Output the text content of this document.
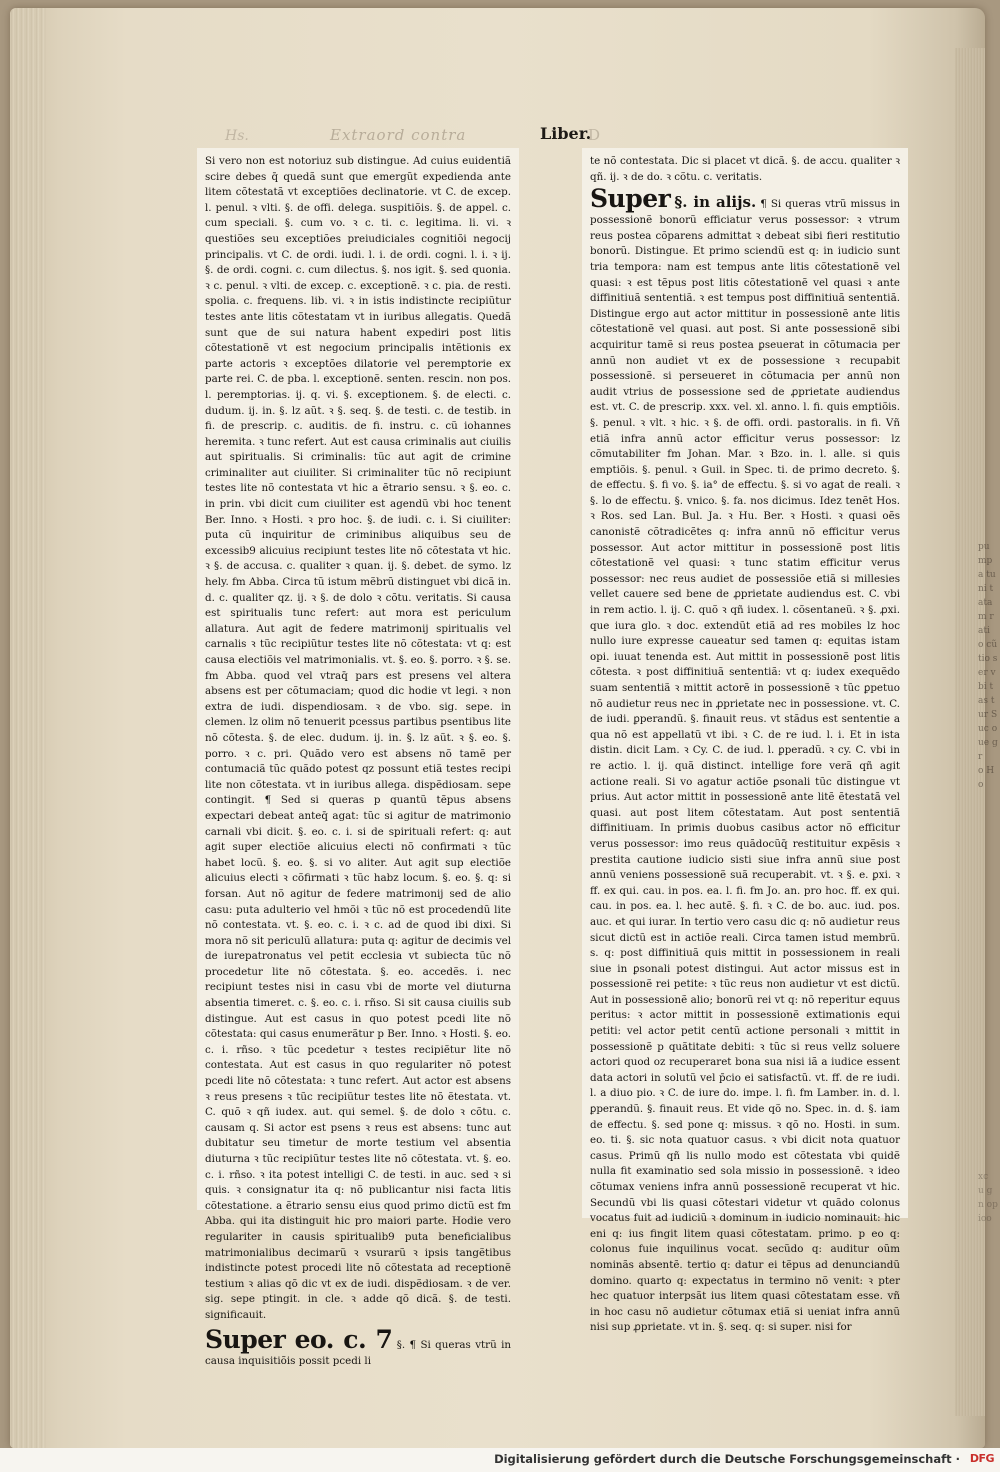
Hs.	Extraord contra	Liber.
D

Si vero non est notoriuz sub distingue. Ad cuius euidentiã scire debes q̄ quedã sunt que emergũt expedienda ante litem cõtestatã vt exceptiões declinatorie. vt C. de excep. l. penul. ꝛ vlti. §. de offi. delega. suspitiõis. §. de appel. c. cum speciali. §. cum vo. ꝛ c. ti. c. legitima. li. vi. ꝛ questiões seu exceptiões preiudiciales cognitiõi negocij principalis. vt C. de ordi. iudi. l. i. de ordi. cogni. l. i. ꝛ ij. §. de ordi. cogni. c. cum dilectus. §. nos igit. §. sed quonia. ꝛ c. penul. ꝛ vlti. de excep. c. exceptionẽ. ꝛ c. pia. de resti. spolia. c. frequens. lib. vi. ꝛ in istis indistincte recipiũtur testes ante litis cõtestatam vt in iuribus allegatis. Quedã sunt que de sui natura habent expediri post litis cõtestationẽ vt est negocium principalis intẽtionis ex parte actoris ꝛ exceptões dilatorie vel peremptorie ex parte rei. C. de pba. l. exceptionẽ. senten. rescin. non pos. l. peremptorias. ij. q. vi. §. exceptionem. §. de electi. c. dudum. ij. in. §. lz aũt. ꝛ §. seq. §. de testi. c. de testib. in fi. de prescrip. c. auditis. de fi. instru. c. cũ iohannes heremita. ꝛ tunc refert. Aut est causa criminalis aut ciuilis aut spiritualis. Si criminalis: tũc aut agit de crimine criminaliter aut ciuiliter. Si criminaliter tũc nõ recipiunt testes lite nõ contestata vt hic a ẽtrario sensu. ꝛ §. eo. c. in prin. vbi dicit cum ciuiliter est agendũ vbi hoc tenent Ber. Inno. ꝛ Hosti. ꝛ pro hoc. §. de iudi. c. i. Si ciuiliter: puta cũ inquiritur de criminibus aliquibus seu de excessib9 alicuius recipiunt testes lite nõ cõtestata vt hic. ꝛ §. de accusa. c. qualiter ꝛ quan. ij. §. debet. de symo. lz hely. fm Abba. Circa tũ istum mẽbrũ distinguet vbi dicã in. d. c. qualiter qz. ij. ꝛ §. de dolo ꝛ cõtu. veritatis. Si causa est spiritualis tunc refert: aut mora est periculum allatura. Aut agit de federe matrimonij spiritualis vel carnalis ꝛ tũc recipiũtur testes lite nõ cõtestata: vt q: est causa electiõis vel matrimonialis. vt. §. eo. §. porro. ꝛ §. se. fm Abba. quod vel vtraq̄ pars est presens vel altera absens est per cõtumaciam; quod dic hodie vt legi. ꝛ non extra de iudi. dispendiosam. ꝛ de vbo. sig. sepe. in clemen. lz olim nõ tenuerit pcessus partibus psentibus lite nõ cõtesta. §. de elec. dudum. ij. in. §. lz aũt. ꝛ §. eo. §. porro. ꝛ c. pri. Quãdo vero est absens nõ tamẽ per contumaciã tũc quãdo potest qz possunt etiã testes recipi lite non cõtestata. vt in iuribus allega. dispẽdiosam. sepe contingit. ¶ Sed si queras p quantũ tẽpus absens expectari debeat anteq̄ agat: tũc si agitur de matrimonio carnali vbi dicit. §. eo. c. i. si de spirituali refert: q: aut agit super electiõe alicuius electi nõ confirmati ꝛ tũc habet locũ. §. eo. §. si vo aliter. Aut agit sup electiõe alicuius electi ꝛ cõfirmati ꝛ tũc habz locum. §. eo. §. q: si forsan. Aut nõ agitur de federe matrimonij sed de alio casu: puta adulterio vel hmõi ꝛ tũc nõ est procedendũ lite nõ contestata. vt. §. eo. c. i. ꝛ c. ad de quod ibi dixi. Si mora nõ sit periculũ allatura: puta q: agitur de decimis vel de iurepatronatus vel petit ecclesia vt subiecta tũc nõ procedetur lite nõ cõtestata. §. eo. accedẽs. i. nec recipiunt testes nisi in casu vbi de morte vel diuturna absentia timeret. c. §. eo. c. i. rñso. Si sit causa ciuilis sub distingue. Aut est casus in quo potest pcedi lite nõ cõtestata: qui casus enumerãtur p Ber. Inno. ꝛ Hosti. §. eo. c. i. rñso. ꝛ tũc pcedetur ꝛ testes recipiẽtur lite nõ contestata. Aut est casus in quo regulariter nõ potest pcedi lite nõ cõtestata: ꝛ tunc refert. Aut actor est absens ꝛ reus presens ꝛ tũc recipiũtur testes lite nõ ẽtestata. vt. C. quõ ꝛ qñ iudex. aut. qui semel. §. de dolo ꝛ cõtu. c. causam q. Si actor est psens ꝛ reus est absens: tunc aut dubitatur seu timetur de morte testium vel absentia diuturna ꝛ tũc recipiũtur testes lite nõ cõtestata. vt. §. eo. c. i. rñso. ꝛ ita potest intelligi C. de testi. in auc. sed ꝛ si quis. ꝛ consignatur ita q: nõ publicantur nisi facta litis cõtestatione. a ẽtrario sensu eius quod primo dictũ est fm Abba. qui ita distinguit hic pro maiori parte. Hodie vero regulariter in causis spiritualib9 puta beneficialibus matrimonialibus decimarũ ꝛ vsurarũ ꝛ ipsis tangẽtibus indistincte potest procedi lite nõ cõtestata ad receptionẽ testium ꝛ alias qõ dic vt ex de iudi. dispẽdiosam. ꝛ de ver. sig. sepe ptingit. in cle. ꝛ adde qõ dicã. §. de testi. significauit.

Super eo. c. 7 §. ¶ Si queras vtrũ in causa inquisitiõis possit pcedi li

te nõ contestata. Dic si placet vt dicã. §. de accu. qualiter ꝛ qñ. ij. ꝛ de do. ꝛ cõtu. c. veritatis.

Super §. in alijs. ¶ Si queras vtrũ missus in possessionẽ bonorũ efficiatur verus possessor: ꝛ vtrum reus postea cõparens admittat ꝛ debeat sibi fieri restitutio bonorũ. Distingue. Et primo sciendũ est q: in iudicio sunt tria tempora: nam est tempus ante litis cõtestationẽ vel quasi: ꝛ est tẽpus post litis cõtestationẽ vel quasi ꝛ ante diffinitiuã sententiã. ꝛ est tempus post diffinitiuã sententiã. Distingue ergo aut actor mittitur in possessionẽ ante litis cõtestationẽ vel quasi. aut post. Si ante possessionẽ sibi acquiritur tamẽ si reus postea ꝑseuerat in cõtumacia per annũ non audiet vt ex de possessione ꝛ recupabit possessionẽ. si perseueret in cõtumacia per annũ non audit vtrius de possessione sed de ꝓprietate audiendus est. vt. C. de prescrip. xxx. vel. xl. anno. l. fi. quis emptiõis. §. penul. ꝛ vlt. ꝛ hic. ꝛ §. de offi. ordi. pastoralis. in fi. Vñ etiã infra annũ actor efficitur verus possessor: lz cõmutabiliter fm Johan. Mar. ꝛ Bzo. in. l. alle. si quis emptiõis. §. penul. ꝛ Guil. in Spec. ti. de primo decreto. §. de effectu. §. fi vo. §. ia° de effectu. §. si vo agat de reali. ꝛ §. lo de effectu. §. vnico. §. fa. nos dicimus. Idez tenẽt Hos. ꝛ Ros. sed Lan. Bul. Ja. ꝛ Hu. Ber. ꝛ Hosti. ꝛ quasi oẽs canonistẽ cõtradicẽtes q: infra annũ nõ efficitur verus possessor. Aut actor mittitur in possessionẽ post litis cõtestationẽ vel quasi: ꝛ tunc statim efficitur verus possessor: nec reus audiet de possessiõe etiã si millesies vellet cauere sed bene de ꝓprietate audiendus est. C. vbi in rem actio. l. ij. C. quõ ꝛ qñ iudex. l. cõsentaneũ. ꝛ §. ꝓxi. que iura glo. ꝛ doc. extendũt etiã ad res mobiles lz hoc nullo iure expresse caueatur sed tamen q: equitas istam opi. iuuat tenenda est. Aut mittit in possessionẽ post litis cõtesta. ꝛ post diffinitiuã sententiã: vt q: iudex exequẽdo suam sententiã ꝛ mittit actorẽ in possessionẽ ꝛ tũc ꝑpetuo nõ audietur reus nec in ꝓprietate nec in possessione. vt. C. de iudi. ꝑperandũ. §. finauit reus. vt stãdus est sententie a qua nõ est appellatũ vt ibi. ꝛ C. de re iud. l. i. Et in ista distin. dicit Lam. ꝛ Cy. C. de iud. l. ꝑperadũ. ꝛ cy. C. vbi in re actio. l. ij. quã distinct. intellige fore verã qñ agit actione reali. Si vo agatur actiõe ꝑsonali tũc distingue vt prius. Aut actor mittit in possessionẽ ante litẽ ẽtestatã vel quasi. aut post litem cõtestatam. Aut post sententiã diffinitiuam. In primis duobus casibus actor nõ efficitur verus possessor: imo reus quãdocũq̄ restituitur expẽsis ꝛ prestita cautione iudicio sisti siue infra annũ siue post annũ veniens possessionẽ suã recuperabit. vt. ꝛ §. e. ꝑxi. ꝛ ff. ex qui. cau. in pos. ea. l. fi. fm Jo. an. pro hoc. ff. ex qui. cau. in pos. ea. l. hec autẽ. §. fi. ꝛ C. de bo. auc. iud. pos. auc. et qui iurar. In tertio vero casu dic q: nõ audietur reus sicut dictũ est in actiõe reali. Circa tamen istud membrũ. s. q: post diffinitiuã quis mittit in possessionem in reali siue in ꝑsonali potest distingui. Aut actor missus est in possessionẽ rei petite: ꝛ tũc reus non audietur vt est dictũ. Aut in possessionẽ alio; bonorũ rei vt q: nõ reperitur equus peritus: ꝛ actor mittit in possessionẽ extimationis equi petiti: vel actor petit centũ actione personali ꝛ mittit in possessionẽ p quãtitate debiti: ꝛ tũc si reus vellz soluere actori quod oz recuperaret bona sua nisi iã a iudice essent data actori in solutũ vel p̄cio ei satisfactũ. vt. ff. de re iudi. l. a diuo pio. ꝛ C. de iure do. impe. l. fi. fm Lamber. in. d. l. ꝑperandũ. §. finauit reus. Et vide qõ no. Spec. in. d. §. iam de effectu. §. sed pone q: missus. ꝛ qõ no. Hosti. in sum. eo. ti. §. sic nota quatuor casus. ꝛ vbi dicit nota quatuor casus. Primũ qñ lis nullo modo est cõtestata vbi quidẽ nulla fit examinatio sed sola missio in possessionẽ. ꝛ ideo cõtumax veniens infra annũ possessionẽ recuperat vt hic. Secundũ vbi lis quasi cõtestari videtur vt quãdo colonus vocatus fuit ad iudiciũ ꝛ dominum in iudicio nominauit: hic eni q: ius fingit litem quasi cõtestatam. primo. p eo q: colonus fuie inquilinus vocat. secũdo q: auditur oũm nominãs absentẽ. tertio q: datur ei tẽpus ad denunciandũ domino. quarto q: expectatus in termino nõ venit: ꝛ pter hec quatuor interpsãt ius litem quasi cõtestatam esse. vñ in hoc casu nõ audietur cõtumax etiã si ueniat infra annũ nisi sup ꝓprietate. vt in. §. seq. q: si super. nisi for

pumpa tuni tatam ratio cũtio ser vbi tas tur Suc oue gro Ho
xcu gn opioo
Digitalisierung gefördert durch die Deutsche Forschungsgemeinschaft · DFG
